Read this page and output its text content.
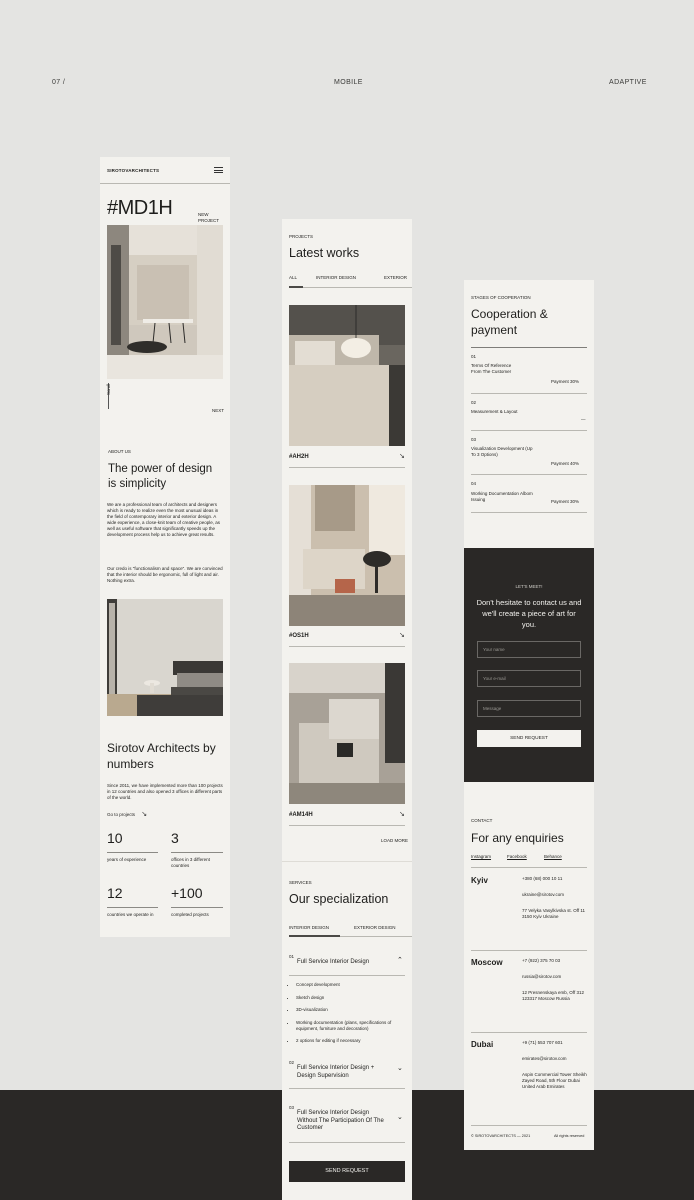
07 /	MOBILE	ADAPTIVE
SIROTOVARCHITECTS
#MD1H	NEW PROJECT
Scroll
NEXT
ABOUT US
The power of design is simplicity
We are a professional team of architects and designers which is ready to realize even the most unusual ideas in the field of contemporary interior and exterior design. A wide experience, a close-knit team of creative people, as well as useful software that significantly speeds up the development process help us to achieve great results.
Our credo is "functionalism and space". We are convinced that the interior should be ergonomic, full of light and air. Nothing extra.
Sirotov Architects by numbers
Since 2011, we have implemented more than 100 projects in 12 countries and also opened 3 offices in different parts of the world.
Go to projects ↘
10	3
years of experience	offices in 3 different countries
12	+100
countries we operate in	completed projects
PROJECTS
Latest works
ALL	INTERIOR DESIGN	EXTERIOR
#AH2H	↘
#OS1H	↘
#AM14H	↘
LOAD MORE
SERVICES
Our specialization
INTERIOR DESIGN	EXTERIOR DESIGN
01
Full Service Interior Design	⌃
• Concept development
• Sketch design
• 3D-visualization
• Working documentation (plans, specifications of equipment, furniture and decoration)
• 2 options for editing if necessary
02
Full Service Interior Design + Design Supervision
⌄
03
Full Service Interior Design Without The Participation Of The Customer
⌄
SEND REQUEST
STAGES OF COOPERATION
Cooperation & payment
01
Terms Of Reference From The Customer
Payment 30%
02
Measurement & Layout
—
03
Visualization Development (Up To 3 Options)
Payment 40%
04
Working Documentation Albom Issuing	Payment 30%
LET'S MEET!
Don't hesitate to contact us and we'll create a piece of art for you.
Your name
Your e-mail
Message
SEND REQUEST
CONTACT
For any enquiries
Instagram	Facebook	Behance
Kyiv	+380 (68) 000 10 11
ukraine@sirotov.com
77 Velyka Vasylkivska st. Off 11 3150 Kyiv Ukraine
Moscow	+7 (922) 375 70 03
russia@sirotov.com
12 Presnenskaya emb, Off 312 123317 Moscow Russia
Dubai	+9 (71) 553 707 601
emirates@sirotov.com
Aspin Commercial Tower Sheikh Zayed Road, 5th Floor Dubai United Arab Emirates
© SIROTOVARCHITECTS — 2021	All rights reserved
